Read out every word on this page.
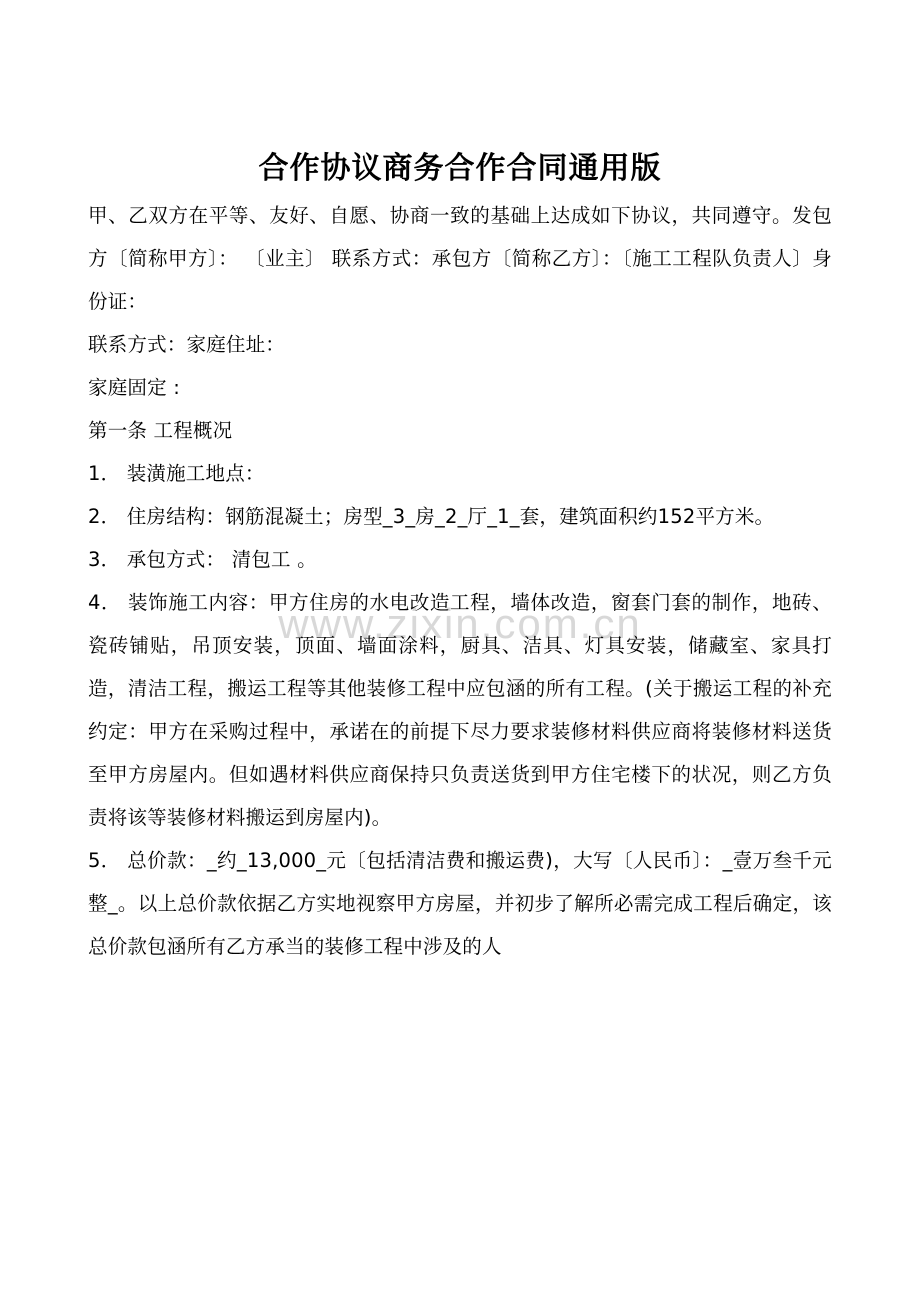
合作协议商务合作合同通用版

甲、乙双方在平等、友好、自愿、协商一致的基础上达成如下协议，共同遵守。发包方〔简称甲方〕： 〔业主〕 联系方式：承包方〔简称乙方〕：〔施工工程队负责人〕身份证：

联系方式：家庭住址：

家庭固定 :

第一条 工程概况

1． 装潢施工地点：

2． 住房结构：钢筋混凝土；房型_3_房_2_厅_1_套，建筑面积约152平方米。

3． 承包方式： 清包工 。

4． 装饰施工内容：甲方住房的水电改造工程，墙体改造，窗套门套的制作，地砖、瓷砖铺贴，吊顶安装，顶面、墙面涂料，厨具、洁具、灯具安装，储藏室、家具打造，清洁工程，搬运工程等其他装修工程中应包涵的所有工程。(关于搬运工程的补充约定：甲方在采购过程中，承诺在的前提下尽力要求装修材料供应商将装修材料送货至甲方房屋内。但如遇材料供应商保持只负责送货到甲方住宅楼下的状况，则乙方负责将该等装修材料搬运到房屋内)。

5． 总价款：_约_13,000_元〔包括清洁费和搬运费)，大写〔人民币〕：_壹万叁千元整_。以上总价款依据乙方实地视察甲方房屋，并初步了解所必需完成工程后确定，该总价款包涵所有乙方承当的装修工程中涉及的人

www.zixin.com.cn
